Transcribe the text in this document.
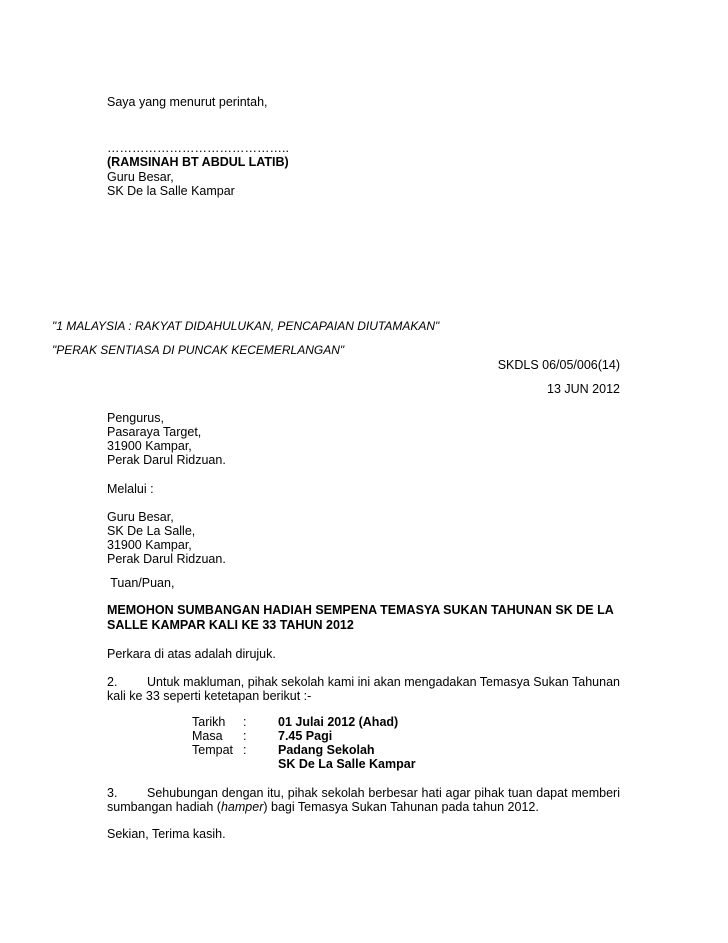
Saya yang menurut perintah,
……………………………………..
(RAMSINAH BT ABDUL LATIB)
Guru Besar,
SK De la Salle Kampar
"1 MALAYSIA : RAKYAT DIDAHULUKAN, PENCAPAIAN DIUTAMAKAN"
"PERAK SENTIASA DI PUNCAK KECEMERLANGAN"
SKDLS 06/05/006(14)
13 JUN 2012
Pengurus,
Pasaraya Target,
31900 Kampar,
Perak Darul Ridzuan.
Melalui :
Guru Besar,
SK De La Salle,
31900 Kampar,
Perak Darul Ridzuan.
Tuan/Puan,
MEMOHON SUMBANGAN HADIAH SEMPENA TEMASYA SUKAN TAHUNAN SK DE LA
SALLE KAMPAR KALI KE 33 TAHUN 2012
Perkara di atas adalah dirujuk.
2. Untuk makluman, pihak sekolah kami ini akan mengadakan Temasya Sukan Tahunan
kali ke 33 seperti ketetapan berikut :-
Tarikh :	01 Julai 2012 (Ahad)
Masa :	7.45 Pagi
Tempat :	Padang Sekolah
SK De La Salle Kampar
3. Sehubungan dengan itu, pihak sekolah berbesar hati agar pihak tuan dapat memberi
sumbangan hadiah (hamper) bagi Temasya Sukan Tahunan pada tahun 2012.
Sekian, Terima kasih.
